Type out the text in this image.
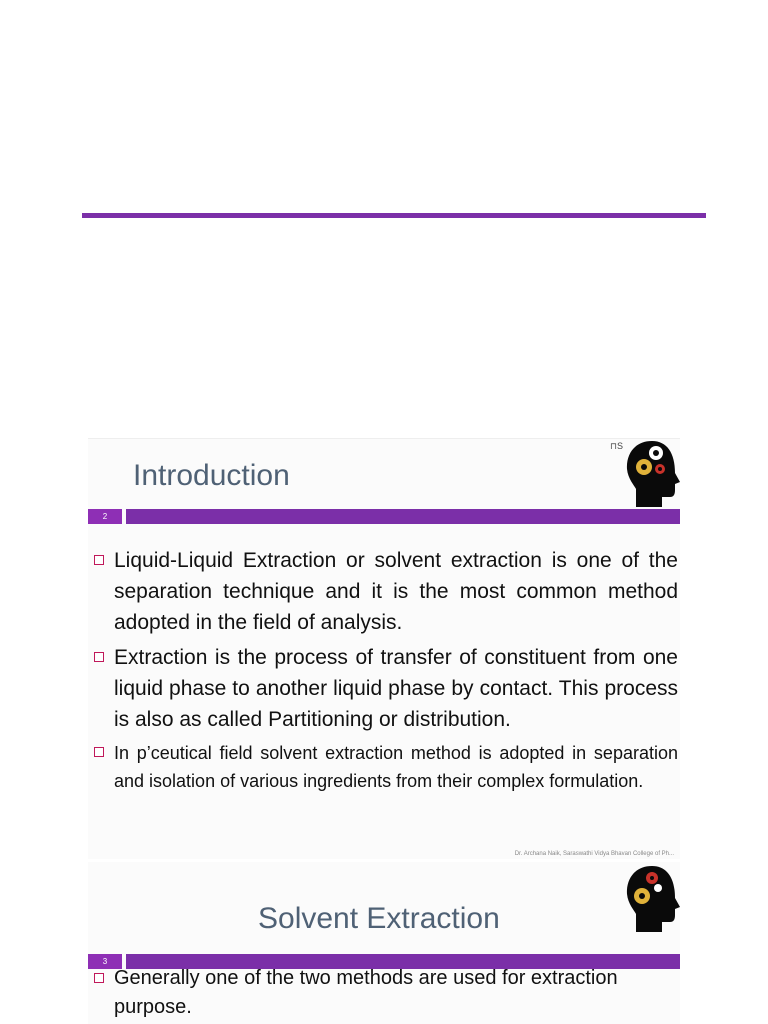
⊓S
Introduction
2
Liquid-Liquid Extraction or solvent extraction is one of the separation technique and it is the most common method adopted in the field of analysis.
Extraction is the process of transfer of constituent from one liquid phase to another liquid phase by contact. This process is also as called Partitioning or distribution.
In p’ceutical field solvent extraction method is adopted in separation and isolation of various ingredients from their complex formulation.
Dr. Archana Naik, Saraswathi Vidya Bhavan College of Ph...
Solvent Extraction
3
Generally one of the two methods are used for extraction purpose.
